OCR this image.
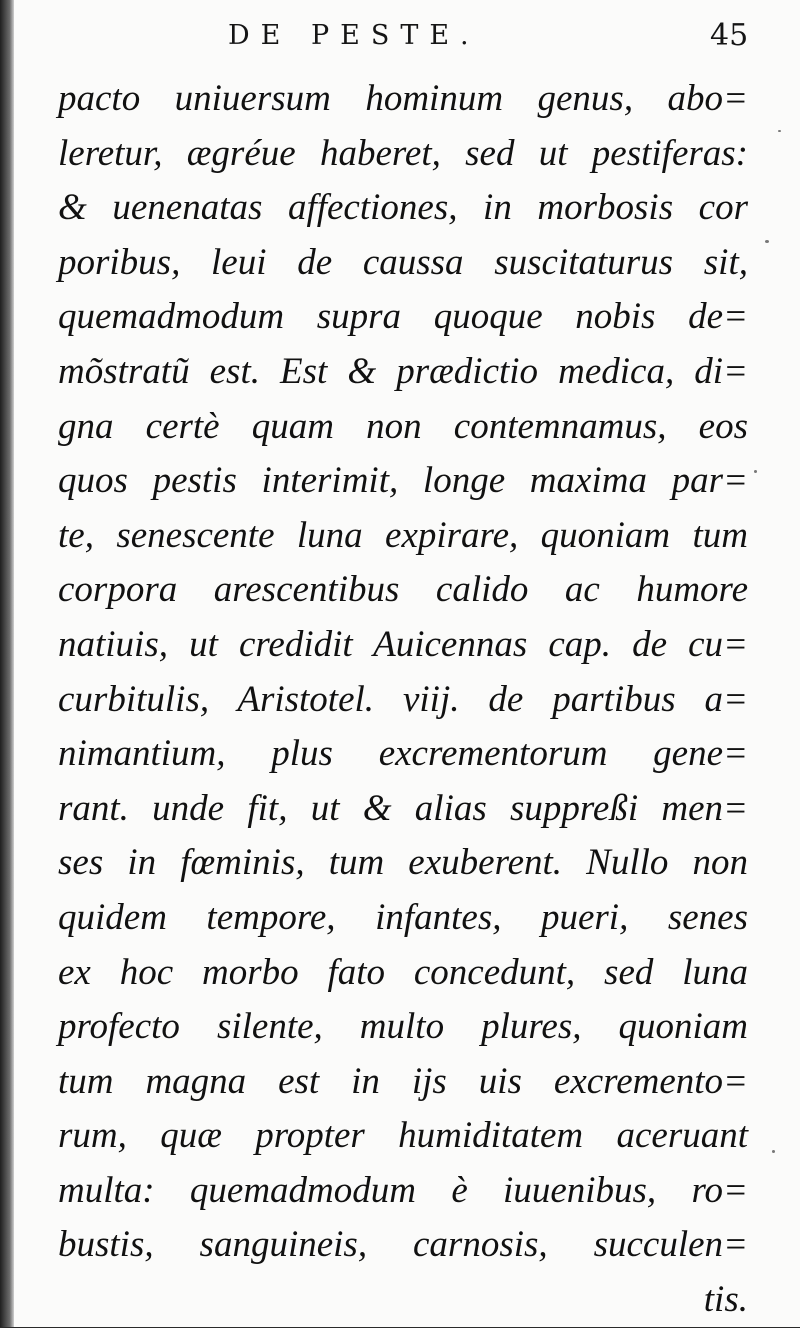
DE PESTE.	45
pacto uniuersum hominum genus, abo=
leretur, ægréue haberet, sed ut pestiferas:
& uenenatas affectiones, in morbosis cor
poribus, leui de caussa suscitaturus sit,
quemadmodum supra quoque nobis de=
mõstratũ est. Est & prædictio medica, di=
gna certè quam non contemnamus, eos
quos pestis interimit, longe maxima par=
te, senescente luna expirare, quoniam tum
corpora arescentibus calido ac humore
natiuis, ut credidit Auicennas cap. de cu=
curbitulis, Aristotel. viij. de partibus a=
nimantium, plus excrementorum gene=
rant. unde fit, ut & alias suppreßi men=
ses in fœminis, tum exuberent. Nullo non
quidem tempore, infantes, pueri, senes
ex hoc morbo fato concedunt, sed luna
profecto silente, multo plures, quoniam
tum magna est in ijs uis excremento=
rum, quæ propter humiditatem aceruant
multa: quemadmodum è iuuenibus, ro=
bustis, sanguineis, carnosis, succulen=
tis.
